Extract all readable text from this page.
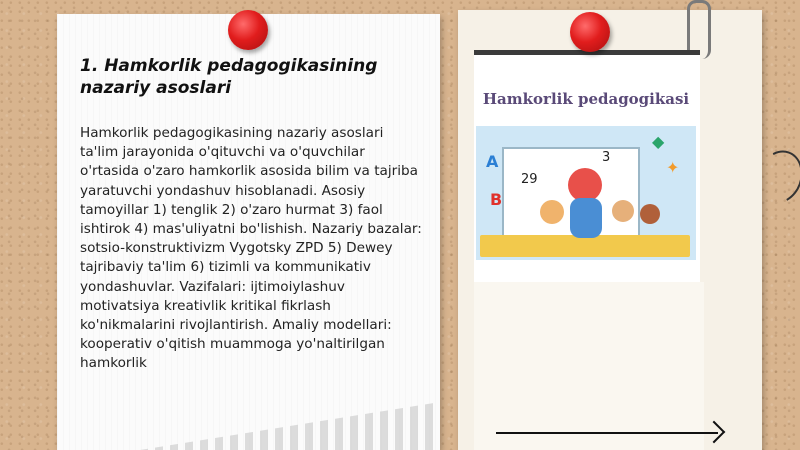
1. Hamkorlik pedagogikasining
nazariy asoslari
Hamkorlik pedagogikasining nazariy asoslari ta'lim jarayonida o'qituvchi va o'quvchilar o'rtasida o'zaro hamkorlik asosida bilim va tajriba yaratuvchi yondashuv hisoblanadi. Asosiy tamoyillar 1) tenglik 2) o'zaro hurmat 3) faol ishtirok 4) mas'uliyatni bo'lishish. Nazariy bazalar: sotsio-konstruktivizm Vygotsky ZPD 5) Dewey tajribaviy ta'lim 6) tizimli va kommunikativ yondashuvlar. Vazifalari: ijtimoiylashuv motivatsiya kreativlik kritikal fikrlash ko'nikmalarini rivojlantirish. Amaliy modellari: kooperativ o'qitish muammoga yo'naltirilgan hamkorlik
Hamkorlik pedagogikasi
29
3
A
B
✦
◆
